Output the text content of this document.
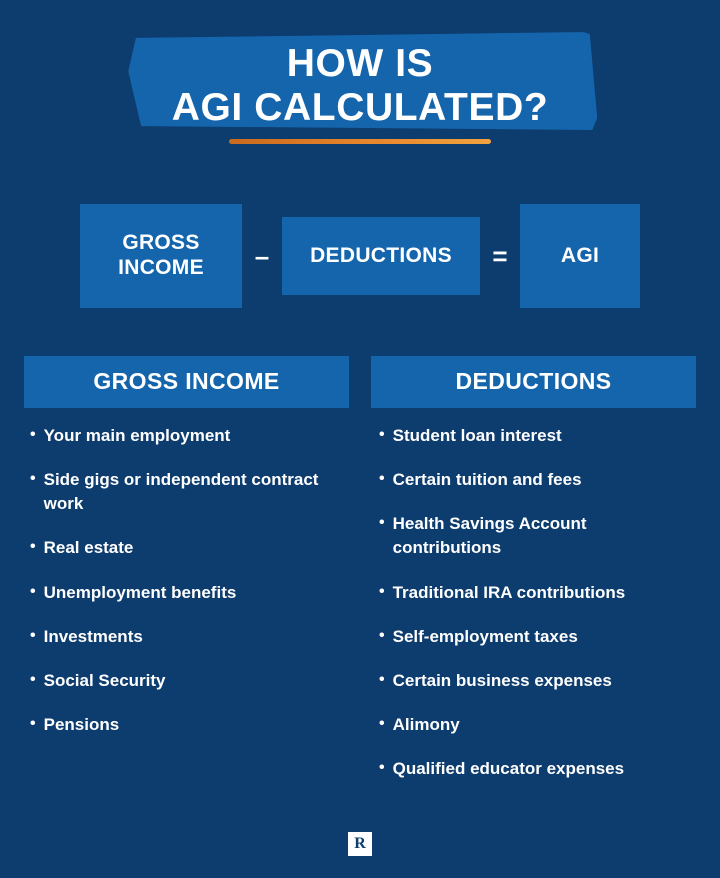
HOW IS
AGI CALCULATED?
GROSS
INCOME	–	DEDUCTIONS	=	AGI
GROSS INCOME
• Your main employment
• Side gigs or independent contract work
• Real estate
• Unemployment benefits
• Investments
• Social Security
• Pensions
DEDUCTIONS
• Student loan interest
• Certain tuition and fees
• Health Savings Account contributions
• Traditional IRA contributions
• Self-employment taxes
• Certain business expenses
• Alimony
• Qualified educator expenses
R
